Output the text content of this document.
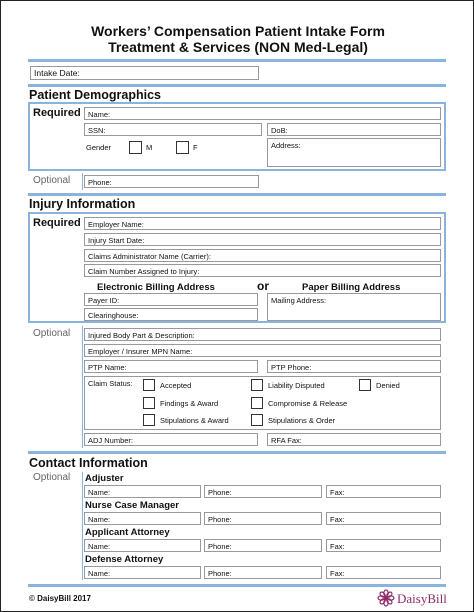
Workers’ Compensation Patient Intake Form
Treatment & Services (NON Med-Legal)
Intake Date:
Patient Demographics
Required Name:
SSN:	DoB:
Gender	M	F	Address:
Optional	Phone:
Injury Information
Required Employer Name:
Injury Start Date:
Claims Administrator Name (Carrier):
Claim Number Assigned to Injury:
Electronic Billing Address	or	Paper Billing Address
Payer ID:
Clearinghouse:
Mailing Address:
Optional	Injured Body Part & Description:
Employer / Insurer MPN Name:
PTP Name:	PTP Phone:
Claim Status:	Accepted	Liability Disputed	Denied
Findings & Award	Compromise & Release
Stipulations & Award	Stipulations & Order
ADJ Number:	RFA Fax:
Contact Information
Optional Adjuster
Name:	Phone:	Fax:
Nurse Case Manager
Name:	Phone:	Fax:
Applicant Attorney
Name:	Phone:	Fax:
Defense Attorney
Name:	Phone:	Fax:
© DaisyBill 2017	DaisyBill
